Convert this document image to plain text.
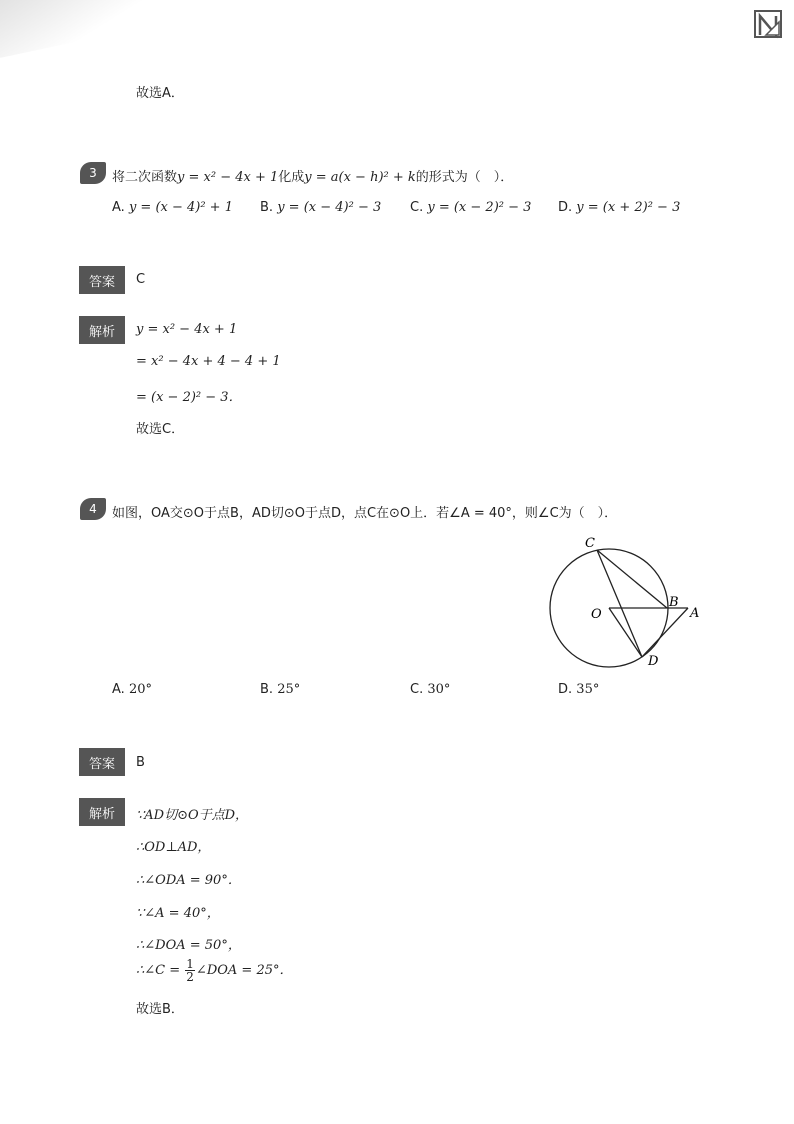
故选A．
3	将二次函数y = x² − 4x + 1化成y = a(x − h)² + k的形式为（　）．
A. y = (x − 4)² + 1 B. y = (x − 4)² − 3 C. y = (x − 2)² − 3 D. y = (x + 2)² − 3
答案	C
解析	y = x² − 4x + 1
= x² − 4x + 4 − 4 + 1
= (x − 2)² − 3．
故选C．
4	如图，OA交⊙O于点B，AD切⊙O于点D，点C在⊙O上．若∠A = 40°，则∠C为（　）．
C
O
B
A
D
A. 20°	B. 25°	C. 30°	D. 35°
答案	B
解析	∵AD切⊙O于点D，
∴OD⊥AD，
∴∠ODA = 90°．
∵∠A = 40°，
∴∠DOA = 50°，
∴∠C = $\frac{1}{2}$ ∠DOA = 25°．
故选B．
